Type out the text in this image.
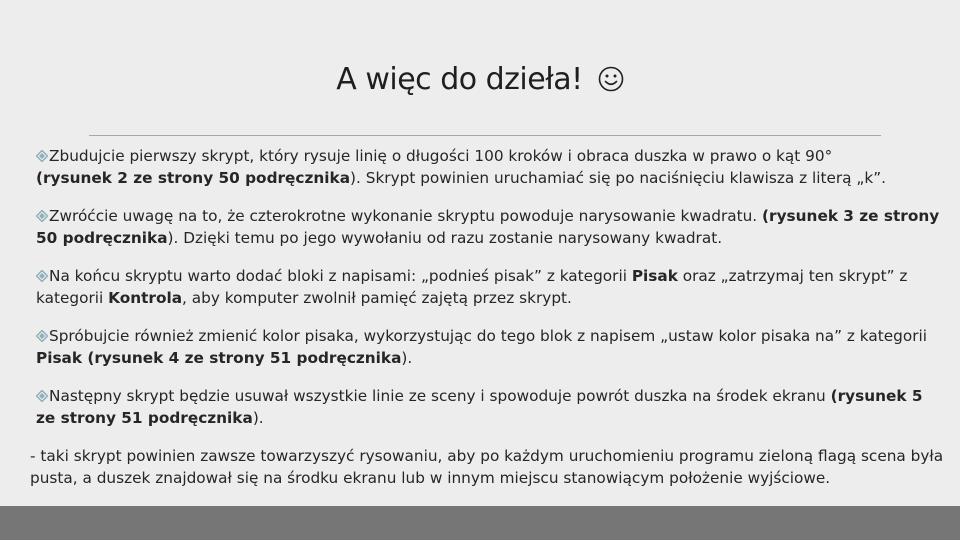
A więc do dzieła!
Zbudujcie pierwszy skrypt, który rysuje linię o długości 100 kroków i obraca duszka w prawo o kąt 90°
(rysunek 2 ze strony 50 podręcznika). Skrypt powinien uruchamiać się po naciśnięciu klawisza z literą „k”.
Zwróćcie uwagę na to, że czterokrotne wykonanie skryptu powoduje narysowanie kwadratu. (rysunek 3 ze strony 50 podręcznika). Dzięki temu po jego wywołaniu od razu zostanie narysowany kwadrat.
Na końcu skryptu warto dodać bloki z napisami: „podnieś pisak” z kategorii Pisak oraz „zatrzymaj ten skrypt” z kategorii Kontrola, aby komputer zwolnił pamięć zajętą przez skrypt.
Spróbujcie również zmienić kolor pisaka, wykorzystując do tego blok z napisem „ustaw kolor pisaka na” z kategorii Pisak (rysunek 4 ze strony 51 podręcznika).
Następny skrypt będzie usuwał wszystkie linie ze sceny i spowoduje powrót duszka na środek ekranu (rysunek 5 ze strony 51 podręcznika).
- taki skrypt powinien zawsze towarzyszyć rysowaniu, aby po każdym uruchomieniu programu zieloną flagą scena była pusta, a duszek znajdował się na środku ekranu lub w innym miejscu stanowiącym położenie wyjściowe.
